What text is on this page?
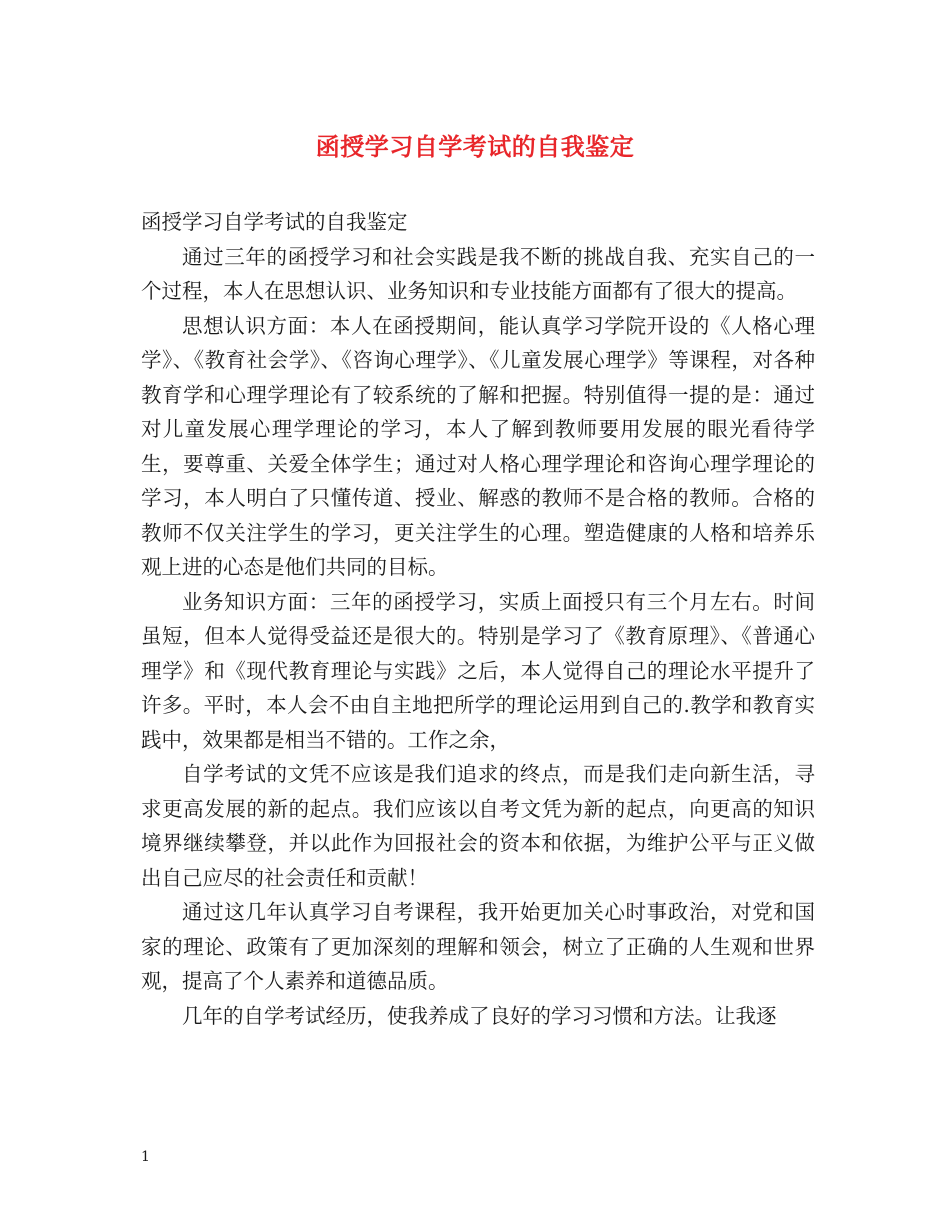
函授学习自学考试的自我鉴定

函授学习自学考试的自我鉴定

通过三年的函授学习和社会实践是我不断的挑战自我、充实自己的一个过程，本人在思想认识、业务知识和专业技能方面都有了很大的提高。

思想认识方面：本人在函授期间，能认真学习学院开设的《人格心理学》、《教育社会学》、《咨询心理学》、《儿童发展心理学》等课程，对各种教育学和心理学理论有了较系统的了解和把握。特别值得一提的是：通过对儿童发展心理学理论的学习，本人了解到教师要用发展的眼光看待学生，要尊重、关爱全体学生；通过对人格心理学理论和咨询心理学理论的学习，本人明白了只懂传道、授业、解惑的教师不是合格的教师。合格的教师不仅关注学生的学习，更关注学生的心理。塑造健康的人格和培养乐观上进的心态是他们共同的目标。

业务知识方面：三年的函授学习，实质上面授只有三个月左右。时间虽短，但本人觉得受益还是很大的。特别是学习了《教育原理》、《普通心理学》和《现代教育理论与实践》之后，本人觉得自己的理论水平提升了许多。平时，本人会不由自主地把所学的理论运用到自己的.教学和教育实践中，效果都是相当不错的。工作之余，

自学考试的文凭不应该是我们追求的终点，而是我们走向新生活，寻求更高发展的新的起点。我们应该以自考文凭为新的起点，向更高的知识境界继续攀登，并以此作为回报社会的资本和依据，为维护公平与正义做出自己应尽的社会责任和贡献！

通过这几年认真学习自考课程，我开始更加关心时事政治，对党和国家的理论、政策有了更加深刻的理解和领会，树立了正确的人生观和世界观，提高了个人素养和道德品质。

几年的自学考试经历，使我养成了良好的学习习惯和方法。让我逐

1
